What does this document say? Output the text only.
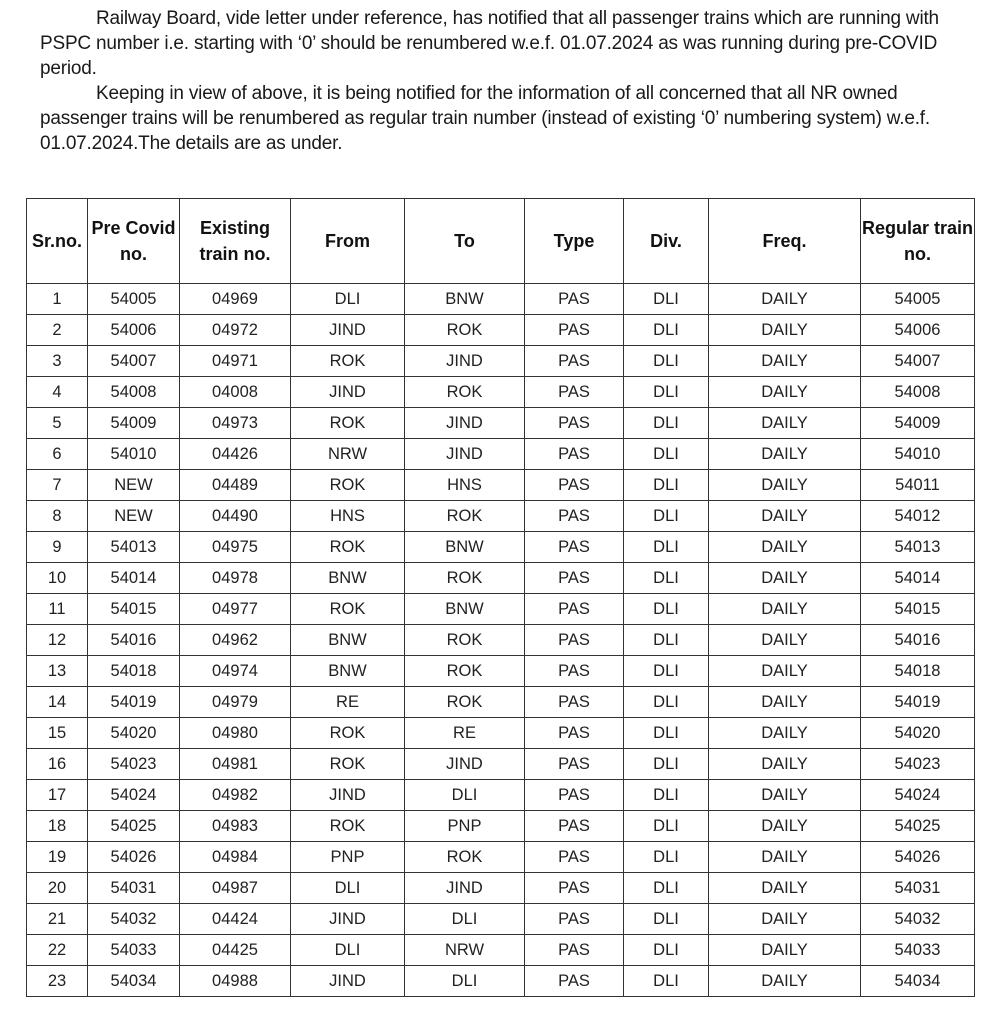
Railway Board, vide letter under reference, has notified that all passenger trains which are running with PSPC number i.e. starting with ‘0’ should be renumbered w.e.f. 01.07.2024 as was running during pre-COVID period.

Keeping in view of above, it is being notified for the information of all concerned that all NR owned passenger trains will be renumbered as regular train number (instead of existing ‘0’ numbering system) w.e.f. 01.07.2024.The details are as under.

Sr.no.	Pre Covid no.	Existing train no.	From	To	Type	Div.	Freq.	Regular train no.
1	54005	04969	DLI	BNW	PAS	DLI	DAILY	54005
2	54006	04972	JIND	ROK	PAS	DLI	DAILY	54006
3	54007	04971	ROK	JIND	PAS	DLI	DAILY	54007
4	54008	04008	JIND	ROK	PAS	DLI	DAILY	54008
5	54009	04973	ROK	JIND	PAS	DLI	DAILY	54009
6	54010	04426	NRW	JIND	PAS	DLI	DAILY	54010
7	NEW	04489	ROK	HNS	PAS	DLI	DAILY	54011
8	NEW	04490	HNS	ROK	PAS	DLI	DAILY	54012
9	54013	04975	ROK	BNW	PAS	DLI	DAILY	54013
10	54014	04978	BNW	ROK	PAS	DLI	DAILY	54014
11	54015	04977	ROK	BNW	PAS	DLI	DAILY	54015
12	54016	04962	BNW	ROK	PAS	DLI	DAILY	54016
13	54018	04974	BNW	ROK	PAS	DLI	DAILY	54018
14	54019	04979	RE	ROK	PAS	DLI	DAILY	54019
15	54020	04980	ROK	RE	PAS	DLI	DAILY	54020
16	54023	04981	ROK	JIND	PAS	DLI	DAILY	54023
17	54024	04982	JIND	DLI	PAS	DLI	DAILY	54024
18	54025	04983	ROK	PNP	PAS	DLI	DAILY	54025
19	54026	04984	PNP	ROK	PAS	DLI	DAILY	54026
20	54031	04987	DLI	JIND	PAS	DLI	DAILY	54031
21	54032	04424	JIND	DLI	PAS	DLI	DAILY	54032
22	54033	04425	DLI	NRW	PAS	DLI	DAILY	54033
23	54034	04988	JIND	DLI	PAS	DLI	DAILY	54034
